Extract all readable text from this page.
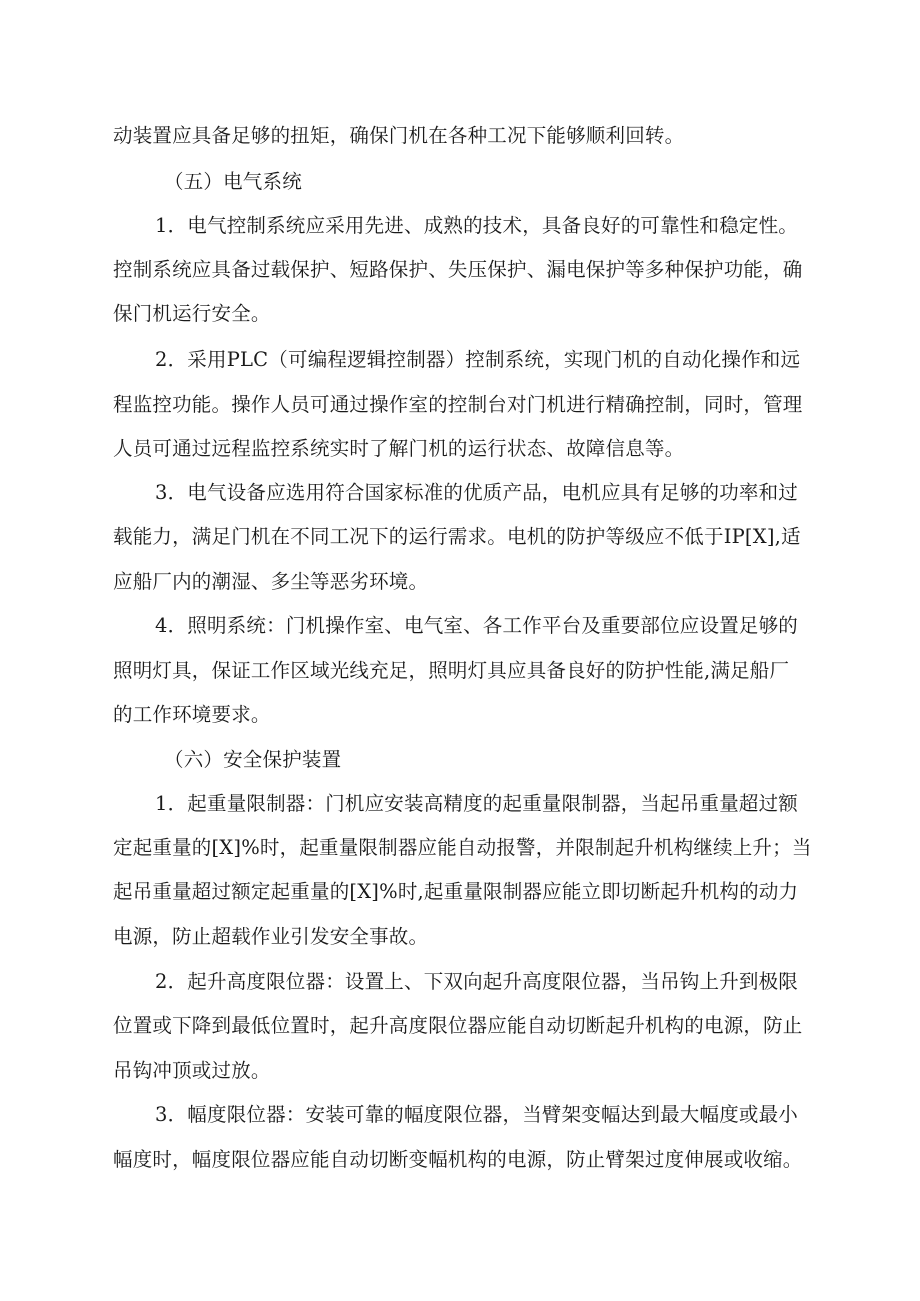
动装置应具备足够的扭矩，确保门机在各种工况下能够顺利回转。
（五）电气系统
1．电气控制系统应采用先进、成熟的技术，具备良好的可靠性和稳定性。
控制系统应具备过载保护、短路保护、失压保护、漏电保护等多种保护功能，确
保门机运行安全。
2．采用PLC（可编程逻辑控制器）控制系统，实现门机的自动化操作和远
程监控功能。操作人员可通过操作室的控制台对门机进行精确控制，同时，管理
人员可通过远程监控系统实时了解门机的运行状态、故障信息等。
3．电气设备应选用符合国家标准的优质产品，电机应具有足够的功率和过
载能力，满足门机在不同工况下的运行需求。电机的防护等级应不低于IP[X],适
应船厂内的潮湿、多尘等恶劣环境。
4．照明系统：门机操作室、电气室、各工作平台及重要部位应设置足够的
照明灯具，保证工作区域光线充足，照明灯具应具备良好的防护性能,满足船厂
的工作环境要求。
（六）安全保护装置
1．起重量限制器：门机应安装高精度的起重量限制器，当起吊重量超过额
定起重量的[X]%时，起重量限制器应能自动报警，并限制起升机构继续上升；当
起吊重量超过额定起重量的[X]%时,起重量限制器应能立即切断起升机构的动力
电源，防止超载作业引发安全事故。
2．起升高度限位器：设置上、下双向起升高度限位器，当吊钩上升到极限
位置或下降到最低位置时，起升高度限位器应能自动切断起升机构的电源，防止
吊钩冲顶或过放。
3．幅度限位器：安装可靠的幅度限位器，当臂架变幅达到最大幅度或最小
幅度时，幅度限位器应能自动切断变幅机构的电源，防止臂架过度伸展或收缩。
